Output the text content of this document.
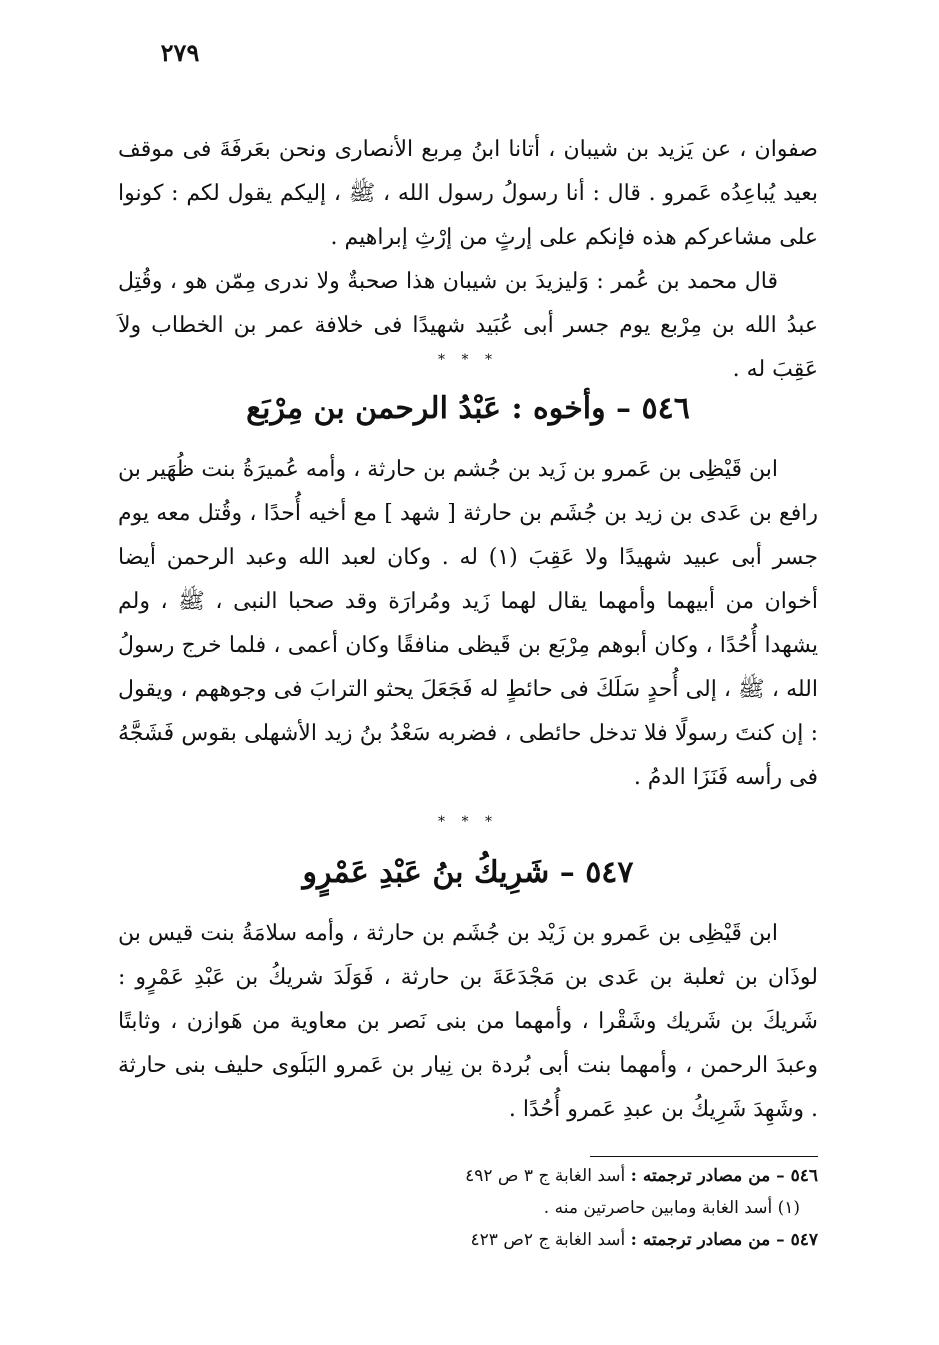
٢٧٩

صفوان ، عن يَزيد بن شيبان ، أتانا ابنُ مِربع الأنصارى ونحن بعَرفَةَ فى موقف بعيد يُباعِدُه عَمرو . قال : أنا رسولُ رسول الله ، ﷺ ، إليكم يقول لكم : كونوا على مشاعركم هذه فإنكم على إرثٍ من إرْثِ إبراهيم .

قال محمد بن عُمر : وَليزيدَ بن شيبان هذا صحبةٌ ولا ندرى مِمّن هو ، وقُتِل عبدُ الله بن مِرْبع يوم جسر أبى عُبَيد شهيدًا فى خلافة عمر بن الخطاب ولاَ عَقِبَ له .

* * *

٥٤٦ – وأخوه : عَبْدُ الرحمن بن مِرْبَع

ابن قَيْظِى بن عَمرو بن زَيد بن جُشم بن حارثة ، وأمه عُميرَةُ بنت ظُهَير بن رافع بن عَدى بن زيد بن جُشَم بن حارثة [ شهد ] مع أخيه أُحدًا ، وقُتل معه يوم جسر أبى عبيد شهيدًا ولا عَقِبَ (١) له . وكان لعبد الله وعبد الرحمن أيضا أخوان من أبيهما وأمهما يقال لهما زَيد ومُرارَة وقد صحبا النبى ، ﷺ ، ولم يشهدا أُحُدًا ، وكان أبوهم مِرْبَع بن قَيظى منافقًا وكان أعمى ، فلما خرج رسولُ الله ، ﷺ ، إلى أُحدٍ سَلَكَ فى حائطٍ له فَجَعَلَ يحثو الترابَ فى وجوههم ، ويقول : إن كنتَ رسولًا فلا تدخل حائطى ، فضربه سَعْدُ بنُ زيد الأشهلى بقوس فَشَجَّهُ فى رأسه فَنَزَا الدمُ .

* * *

٥٤٧ – شَرِيكُ بنُ عَبْدِ عَمْرٍو

ابن قَيْظِى بن عَمرو بن زَيْد بن جُشَم بن حارثة ، وأمه سلامَةُ بنت قيس بن لوذَان بن ثعلبة بن عَدى بن مَجْدَعَةَ بن حارثة ، فَوَلَدَ شريكُ بن عَبْدِ عَمْرٍو : شَريكَ بن شَريك وشَقْرا ، وأمهما من بنى نَصر بن معاوية من هَوازن ، وثابتًا وعبدَ الرحمن ، وأمهما بنت أبى بُردة بن نِيار بن عَمرو البَلَوى حليف بنى حارثة . وشَهِدَ شَرِيكُ بن عبدِ عَمرو أُحُدًا .

٥٤٦ – من مصادر ترجمته : أسد الغابة ج ٣ ص ٤٩٢

(١) أسد الغابة ومابين حاصرتين منه .

٥٤٧ – من مصادر ترجمته : أسد الغابة ج ٢ص ٤٢٣
